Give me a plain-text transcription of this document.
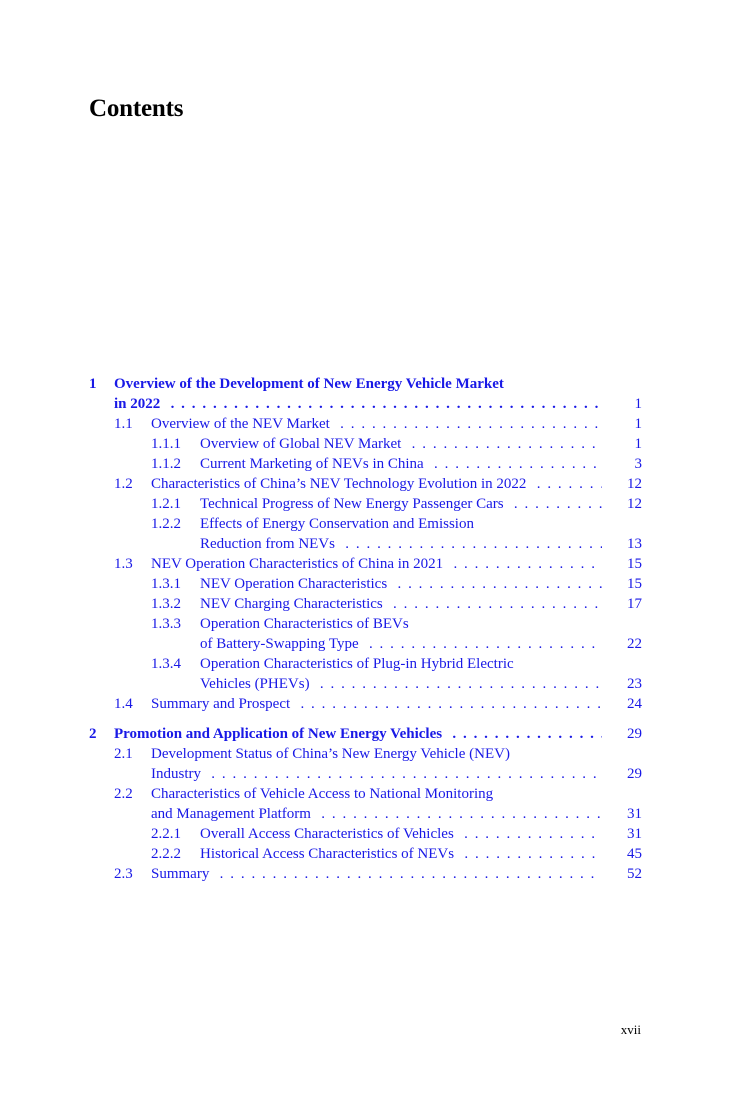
Contents
1 Overview of the Development of New Energy Vehicle Market
in 2022 . . .	1
1.1 Overview of the NEV Market . . .	1
1.1.1 Overview of Global NEV Market . . .	1
1.1.2 Current Marketing of NEVs in China . . .	3
1.2 Characteristics of China’s NEV Technology Evolution in 2022 . . .	12
1.2.1 Technical Progress of New Energy Passenger Cars . . .	12
1.2.2 Effects of Energy Conservation and Emission
Reduction from NEVs . . .	13
1.3 NEV Operation Characteristics of China in 2021 . . .	15
1.3.1 NEV Operation Characteristics . . .	15
1.3.2 NEV Charging Characteristics . . .	17
1.3.3 Operation Characteristics of BEVs
of Battery-Swapping Type . . .	22
1.3.4 Operation Characteristics of Plug-in Hybrid Electric
Vehicles (PHEVs) . . .	23
1.4 Summary and Prospect . . .	24
2 Promotion and Application of New Energy Vehicles . . .	29
2.1 Development Status of China’s New Energy Vehicle (NEV)
Industry . . .	29
2.2 Characteristics of Vehicle Access to National Monitoring
and Management Platform . . .	31
2.2.1 Overall Access Characteristics of Vehicles . . .	31
2.2.2 Historical Access Characteristics of NEVs . . .	45
2.3 Summary . . .	52
xvii
